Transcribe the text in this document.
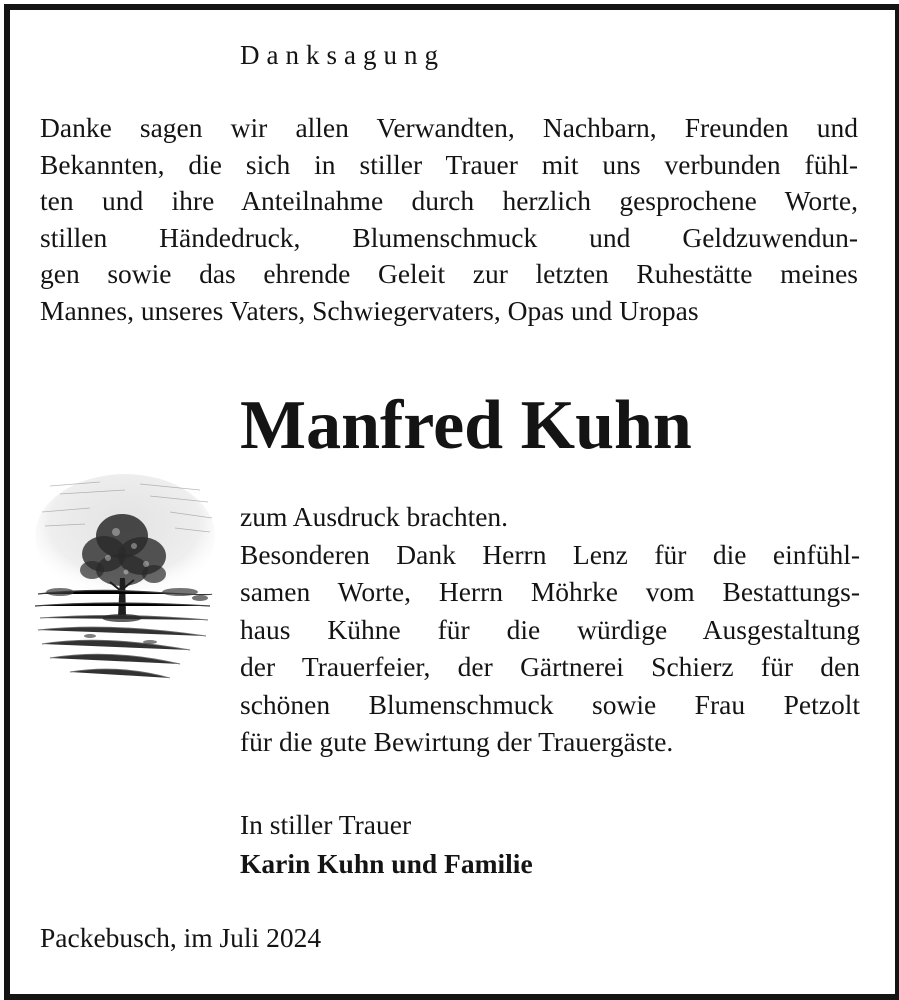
Danksagung
Danke sagen wir allen Verwandten, Nachbarn, Freunden und
Bekannten, die sich in stiller Trauer mit uns verbunden fühl-
ten und ihre Anteilnahme durch herzlich gesprochene Worte,
stillen Händedruck, Blumenschmuck und Geldzuwendun-
gen sowie das ehrende Geleit zur letzten Ruhestätte meines
Mannes, unseres Vaters, Schwiegervaters, Opas und Uropas
Manfred Kuhn
zum Ausdruck brachten.
Besonderen Dank Herrn Lenz für die einfühl-
samen Worte, Herrn Möhrke vom Bestattungs-
haus Kühne für die würdige Ausgestaltung
der Trauerfeier, der Gärtnerei Schierz für den
schönen Blumenschmuck sowie Frau Petzolt
für die gute Bewirtung der Trauergäste.
In stiller Trauer
Karin Kuhn und Familie
Packebusch, im Juli 2024
